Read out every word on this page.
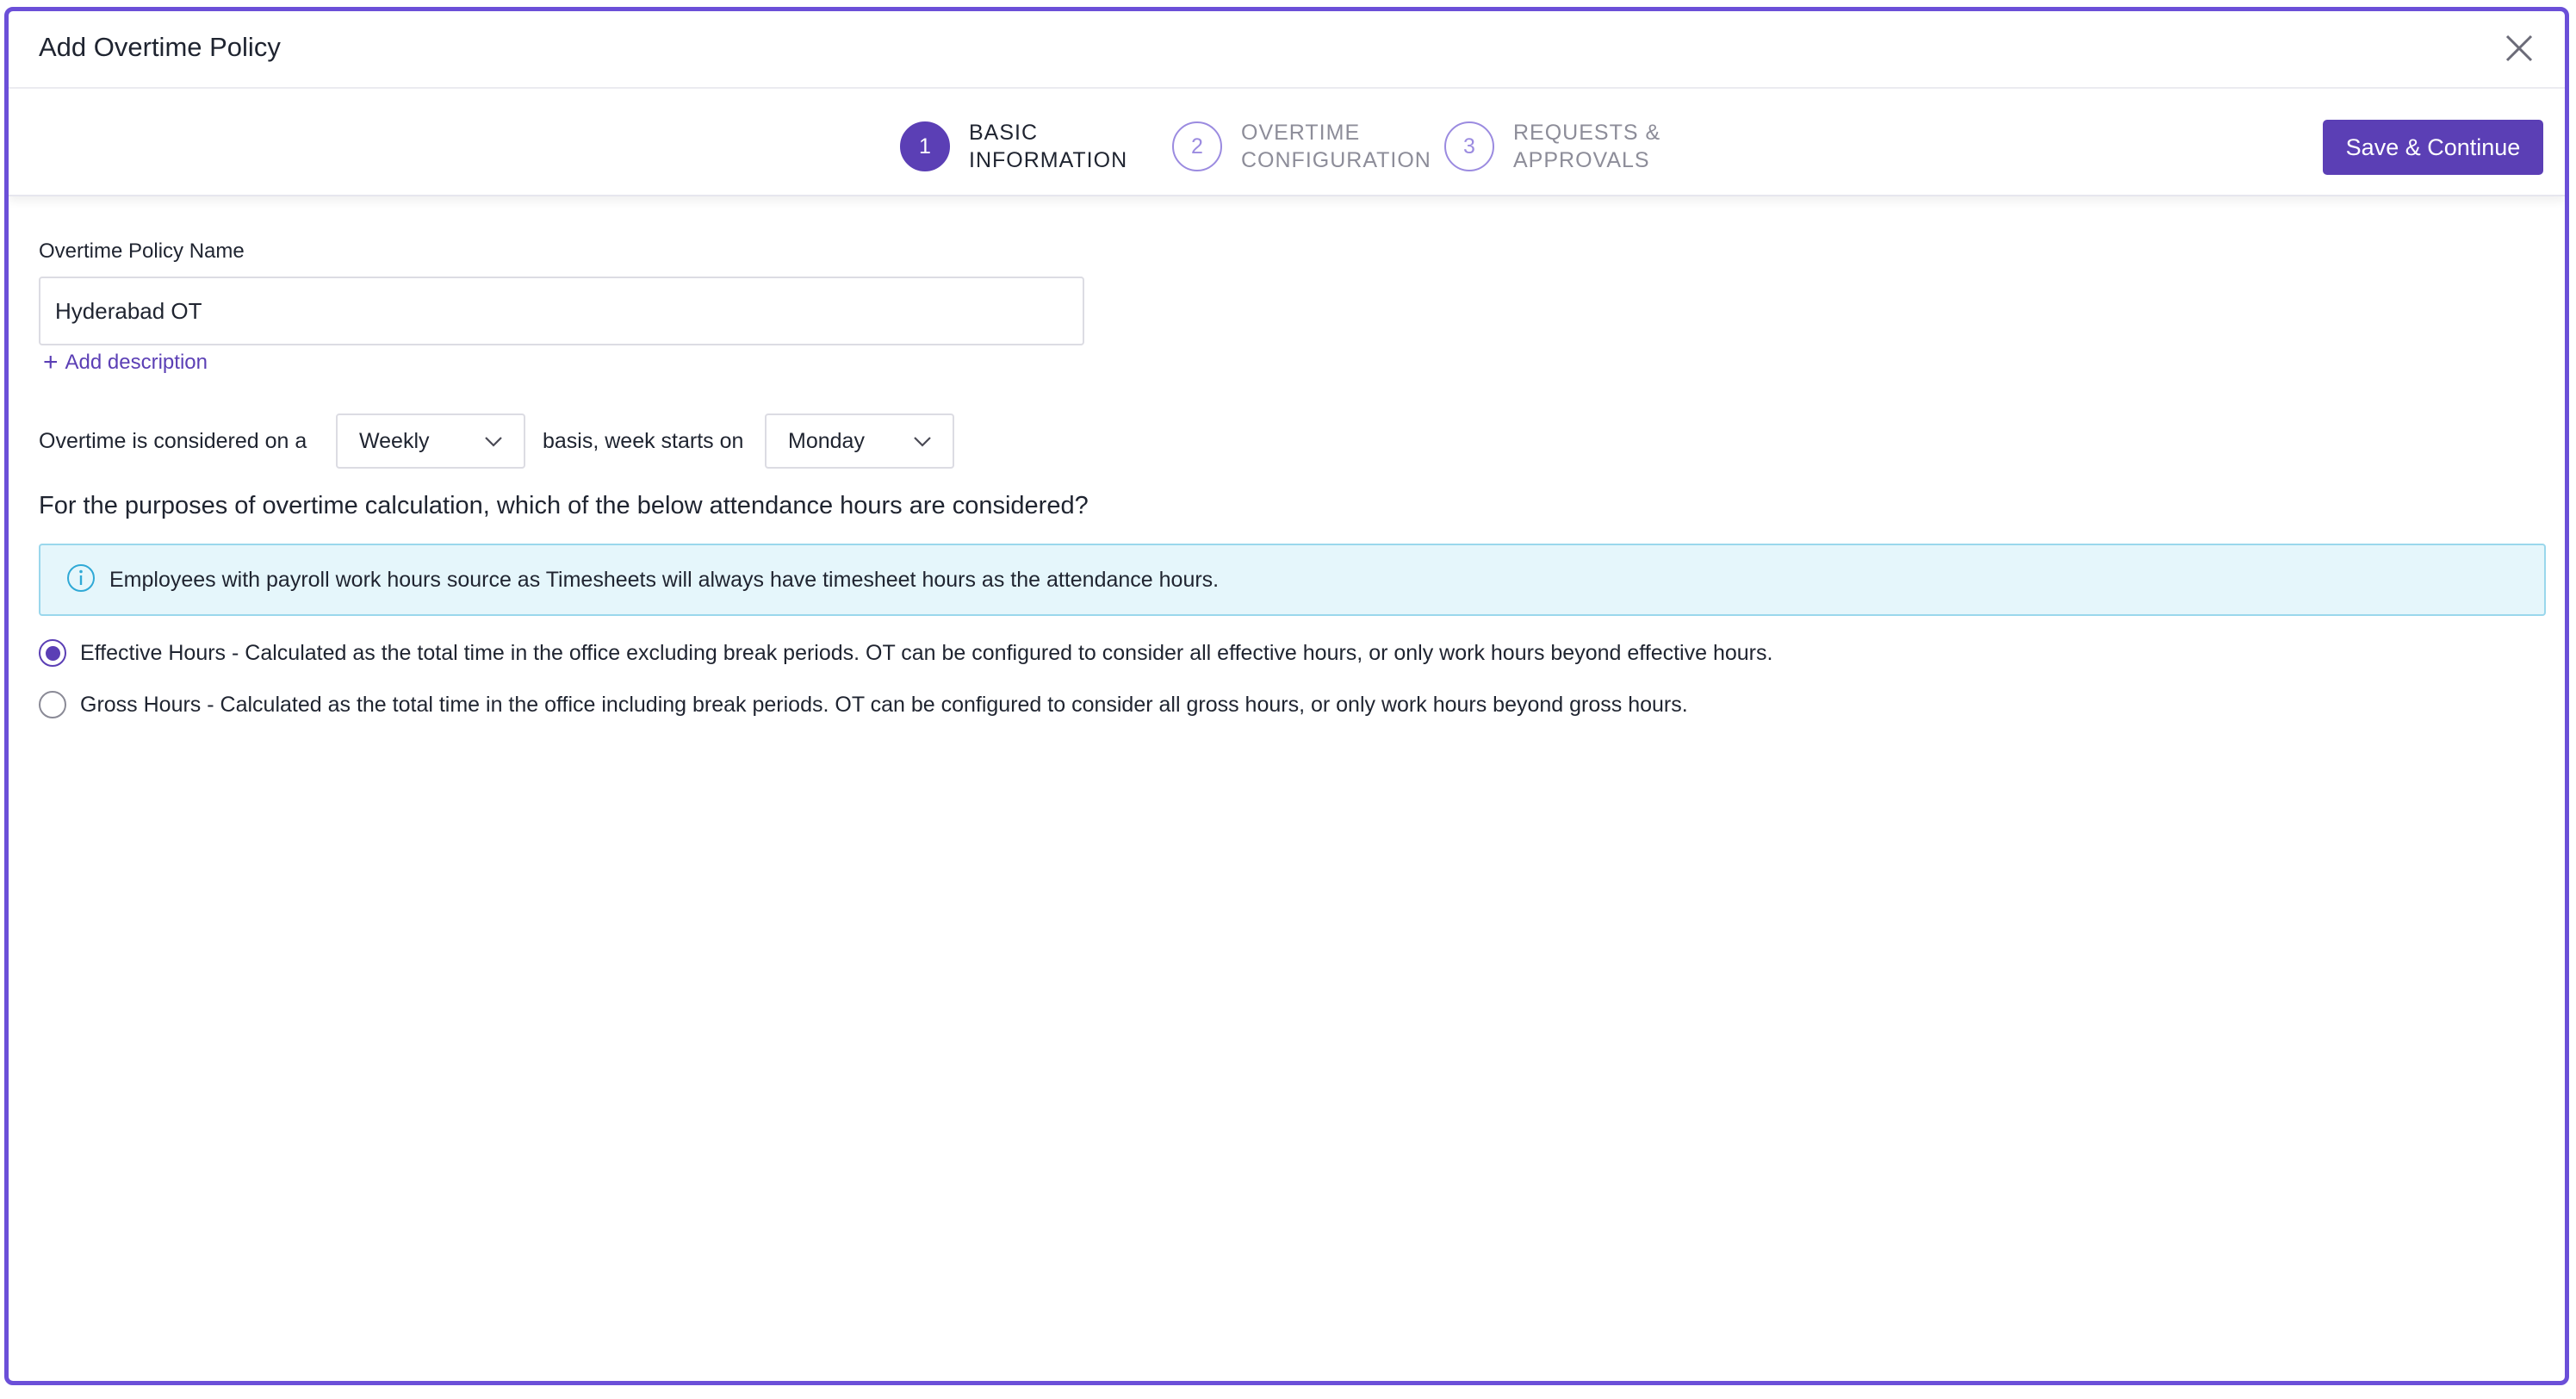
Add Overtime Policy
1
BASIC
INFORMATION
2
OVERTIME
CONFIGURATION
3
REQUESTS &
APPROVALS
Save & Continue
Overtime Policy Name
Hyderabad OT
+ Add description
Overtime is considered on a Weekly	basis, week starts on Monday
For the purposes of overtime calculation, which of the below attendance hours are considered?
Employees with payroll work hours source as Timesheets will always have timesheet hours as the attendance hours.
Effective Hours - Calculated as the total time in the office excluding break periods. OT can be configured to consider all effective hours, or only work hours beyond effective hours.
Gross Hours - Calculated as the total time in the office including break periods. OT can be configured to consider all gross hours, or only work hours beyond gross hours.
